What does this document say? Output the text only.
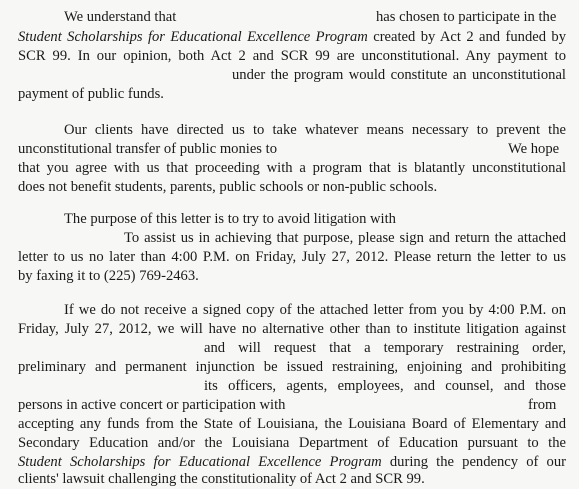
We understand that	has chosen to participate in the
Student Scholarships for Educational Excellence Program created by Act 2 and funded by
SCR 99. In our opinion, both Act 2 and SCR 99 are unconstitutional. Any payment to
under the program would constitute an unconstitutional
payment of public funds.
Our clients have directed us to take whatever means necessary to prevent the
unconstitutional transfer of public monies to	We hope
that you agree with us that proceeding with a program that is blatantly unconstitutional
does not benefit students, parents, public schools or non-public schools.
The purpose of this letter is to try to avoid litigation with
To assist us in achieving that purpose, please sign and return the attached
letter to us no later than 4:00 P.M. on Friday, July 27, 2012. Please return the letter to us
by faxing it to (225) 769-2463.
If we do not receive a signed copy of the attached letter from you by 4:00 P.M. on
Friday, July 27, 2012, we will have no alternative other than to institute litigation against
and will request that a temporary restraining order,
preliminary and permanent injunction be issued restraining, enjoining and prohibiting
its officers, agents, employees, and counsel, and those
persons in active concert or participation with	from
accepting any funds from the State of Louisiana, the Louisiana Board of Elementary and
Secondary Education and/or the Louisiana Department of Education pursuant to the
Student Scholarships for Educational Excellence Program during the pendency of our
clients' lawsuit challenging the constitutionality of Act 2 and SCR 99.
